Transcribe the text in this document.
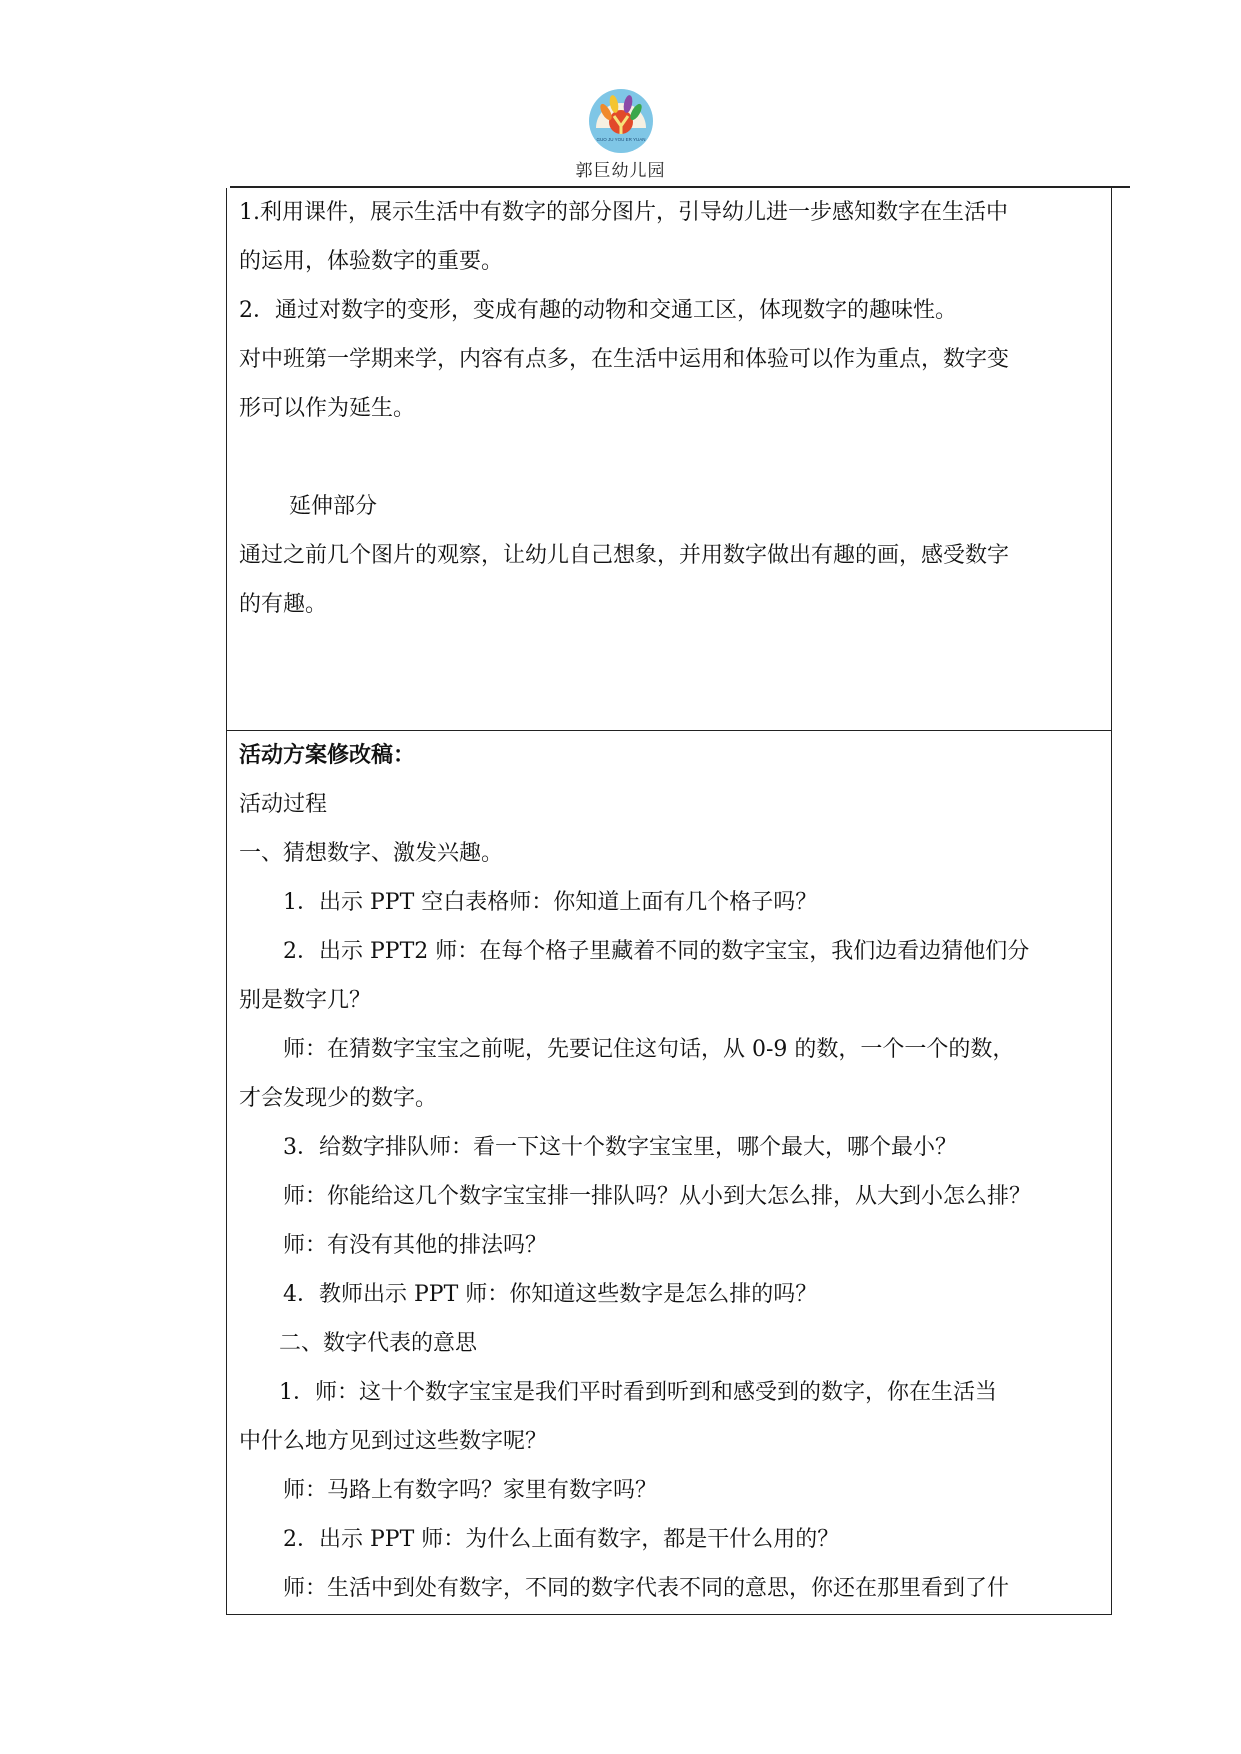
GUO JU YOU ER YUAN
郭巨幼儿园
1.利用课件，展示生活中有数字的部分图片，引导幼儿进一步感知数字在生活中
的运用，体验数字的重要。
2．通过对数字的变形，变成有趣的动物和交通工区，体现数字的趣味性。
对中班第一学期来学，内容有点多，在生活中运用和体验可以作为重点，数字变
形可以作为延生。
延伸部分
通过之前几个图片的观察，让幼儿自己想象，并用数字做出有趣的画，感受数字
的有趣。
活动方案修改稿：
活动过程
一、猜想数字、激发兴趣。
1．出示 PPT 空白表格师：你知道上面有几个格子吗？
2．出示 PPT2 师：在每个格子里藏着不同的数字宝宝，我们边看边猜他们分
别是数字几？
师：在猜数字宝宝之前呢，先要记住这句话，从 0-9 的数，一个一个的数，
才会发现少的数字。
3．给数字排队师：看一下这十个数字宝宝里，哪个最大，哪个最小？
师：你能给这几个数字宝宝排一排队吗？从小到大怎么排，从大到小怎么排？
师：有没有其他的排法吗？
4．教师出示 PPT 师：你知道这些数字是怎么排的吗？
二、数字代表的意思
1．师：这十个数字宝宝是我们平时看到听到和感受到的数字，你在生活当
中什么地方见到过这些数字呢？
师：马路上有数字吗？家里有数字吗？
2．出示 PPT 师：为什么上面有数字，都是干什么用的？
师：生活中到处有数字，不同的数字代表不同的意思，你还在那里看到了什
